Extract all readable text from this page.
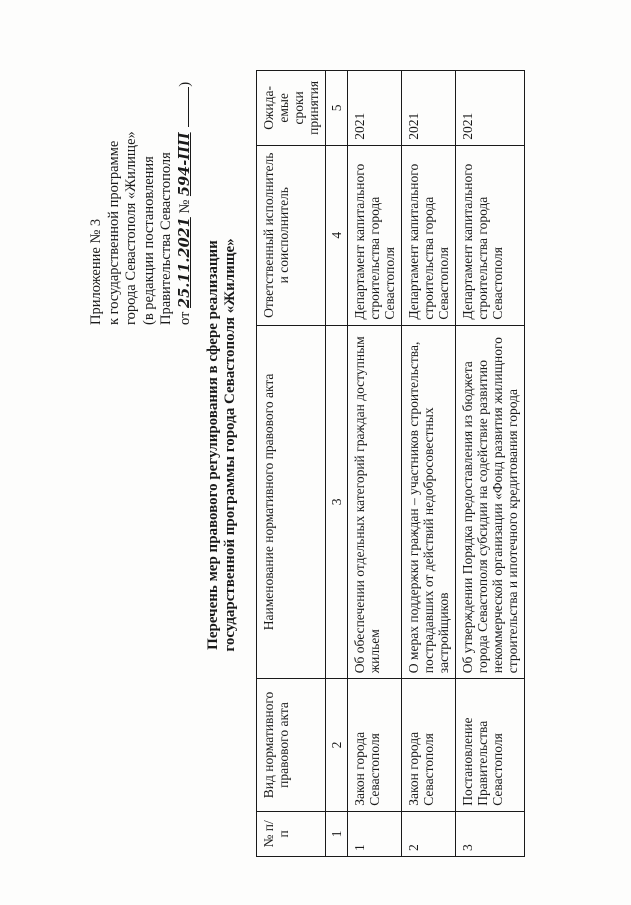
Приложение № 3 к государственной программе города Севастополя «Жилище» (в редакции постановления Правительства Севастополя от 25.11.2021 № 594-ПП )
Перечень мер правового регулирования в сфере реализации государственной программы города Севастополя «Жилище»
№ п/п	Вид нормативного правового акта	Наименование нормативного правового акта	Ответственный исполнитель и соисполнитель	Ожида-емые сроки принятия
1	2	3	4	5
1	Закон города Севастополя	Об обеспечении отдельных категорий граждан доступным жильем	Департамент капитального строительства города Севастополя	2021
2	Закон города Севастополя	О мерах поддержки граждан – участников строительства, пострадавших от действий недобросовестных застройщиков	Департамент капитального строительства города Севастополя	2021
3	Постановление Правительства Севастополя	Об утверждении Порядка предоставления из бюджета города Севастополя субсидии на содействие развитию некоммерческой организации «Фонд развития жилищного строительства и ипотечного кредитования города	Департамент капитального строительства города Севастополя	2021
